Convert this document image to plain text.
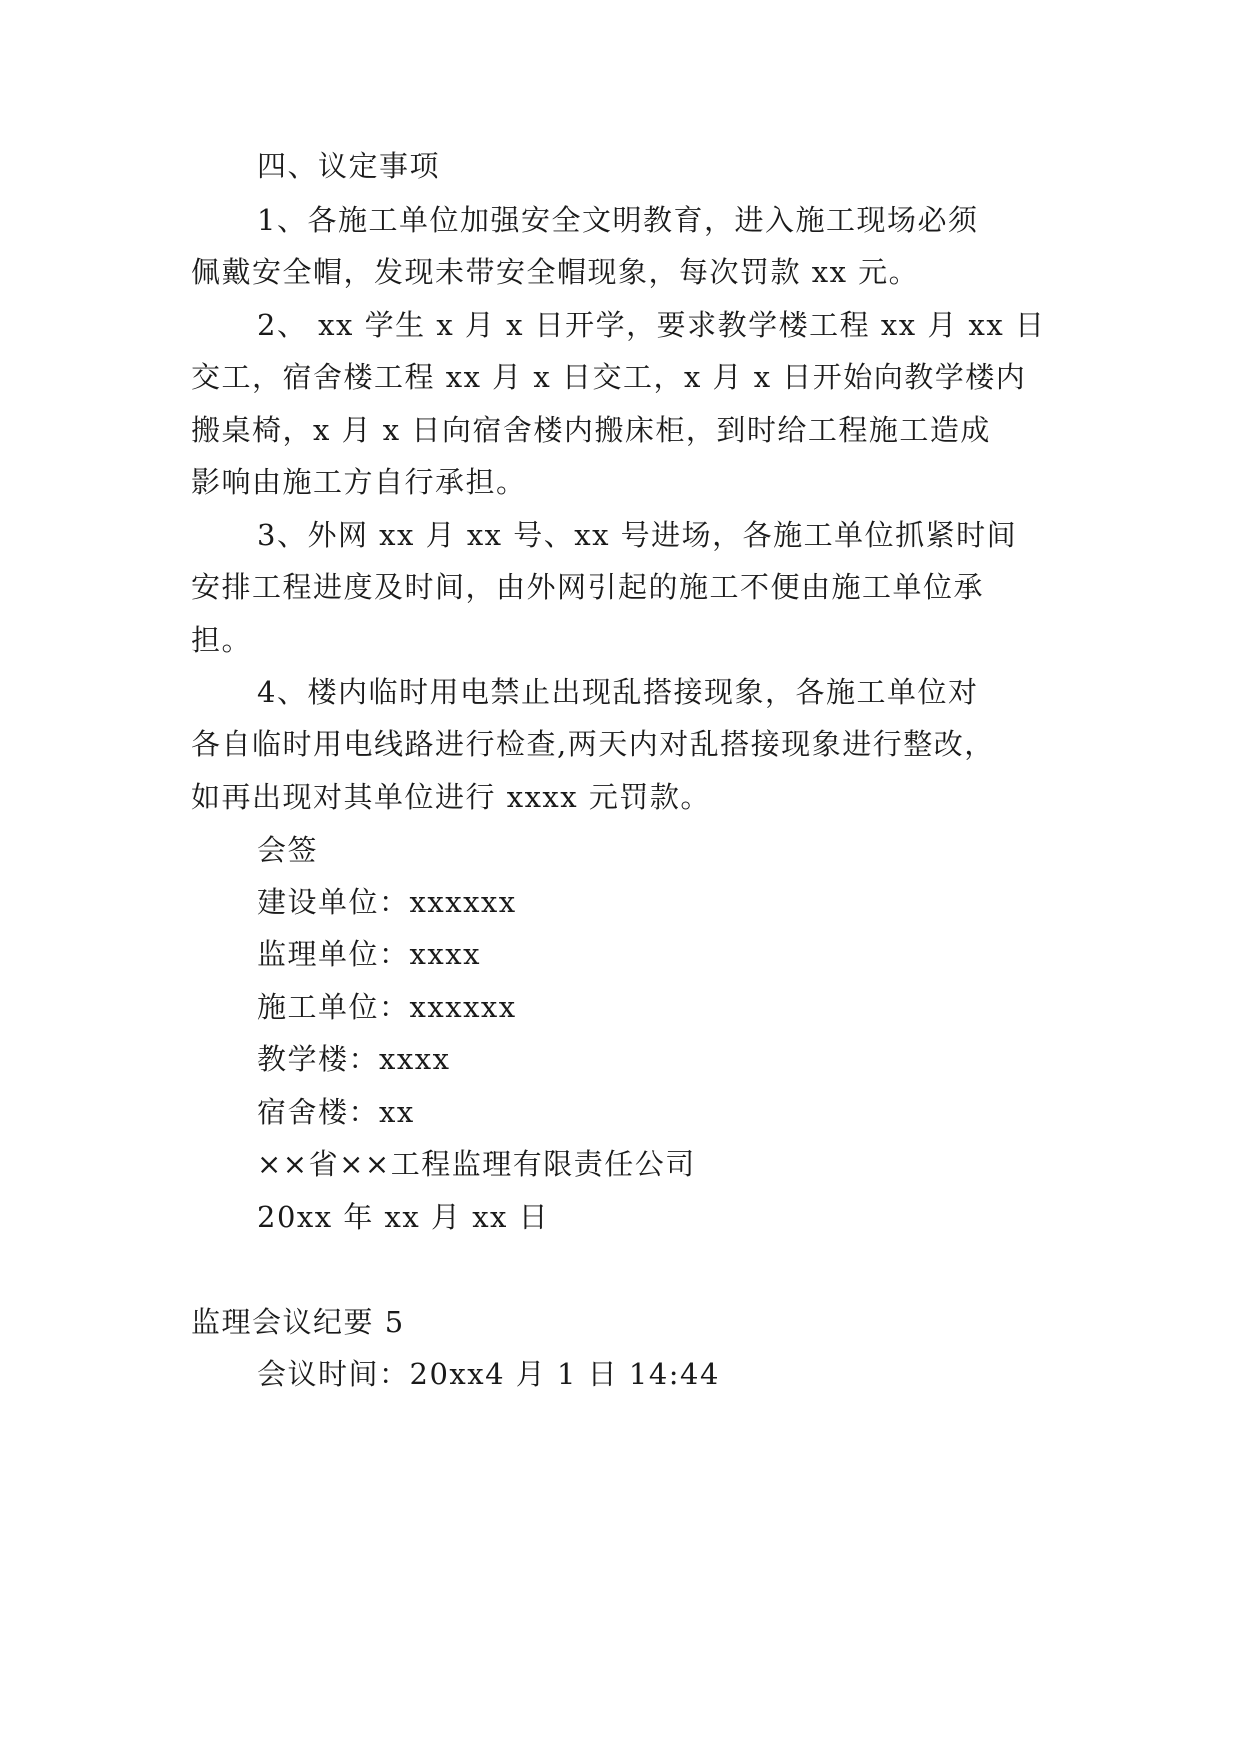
四、议定事项
1、各施工单位加强安全文明教育，进入施工现场必须
佩戴安全帽，发现未带安全帽现象，每次罚款 xx 元。
2、 xx 学生 x 月 x 日开学，要求教学楼工程 xx 月 xx 日
交工，宿舍楼工程 xx 月 x 日交工，x 月 x 日开始向教学楼内
搬桌椅，x 月 x 日向宿舍楼内搬床柜，到时给工程施工造成
影响由施工方自行承担。
3、外网 xx 月 xx 号、xx 号进场，各施工单位抓紧时间
安排工程进度及时间，由外网引起的施工不便由施工单位承
担。
4、楼内临时用电禁止出现乱搭接现象，各施工单位对
各自临时用电线路进行检查,两天内对乱搭接现象进行整改，
如再出现对其单位进行 xxxx 元罚款。
会签
建设单位：xxxxxx
监理单位：xxxx
施工单位：xxxxxx
教学楼：xxxx
宿舍楼：xx
××省××工程监理有限责任公司
20xx 年 xx 月 xx 日
监理会议纪要 5
会议时间：20xx4 月 1 日 14:44
